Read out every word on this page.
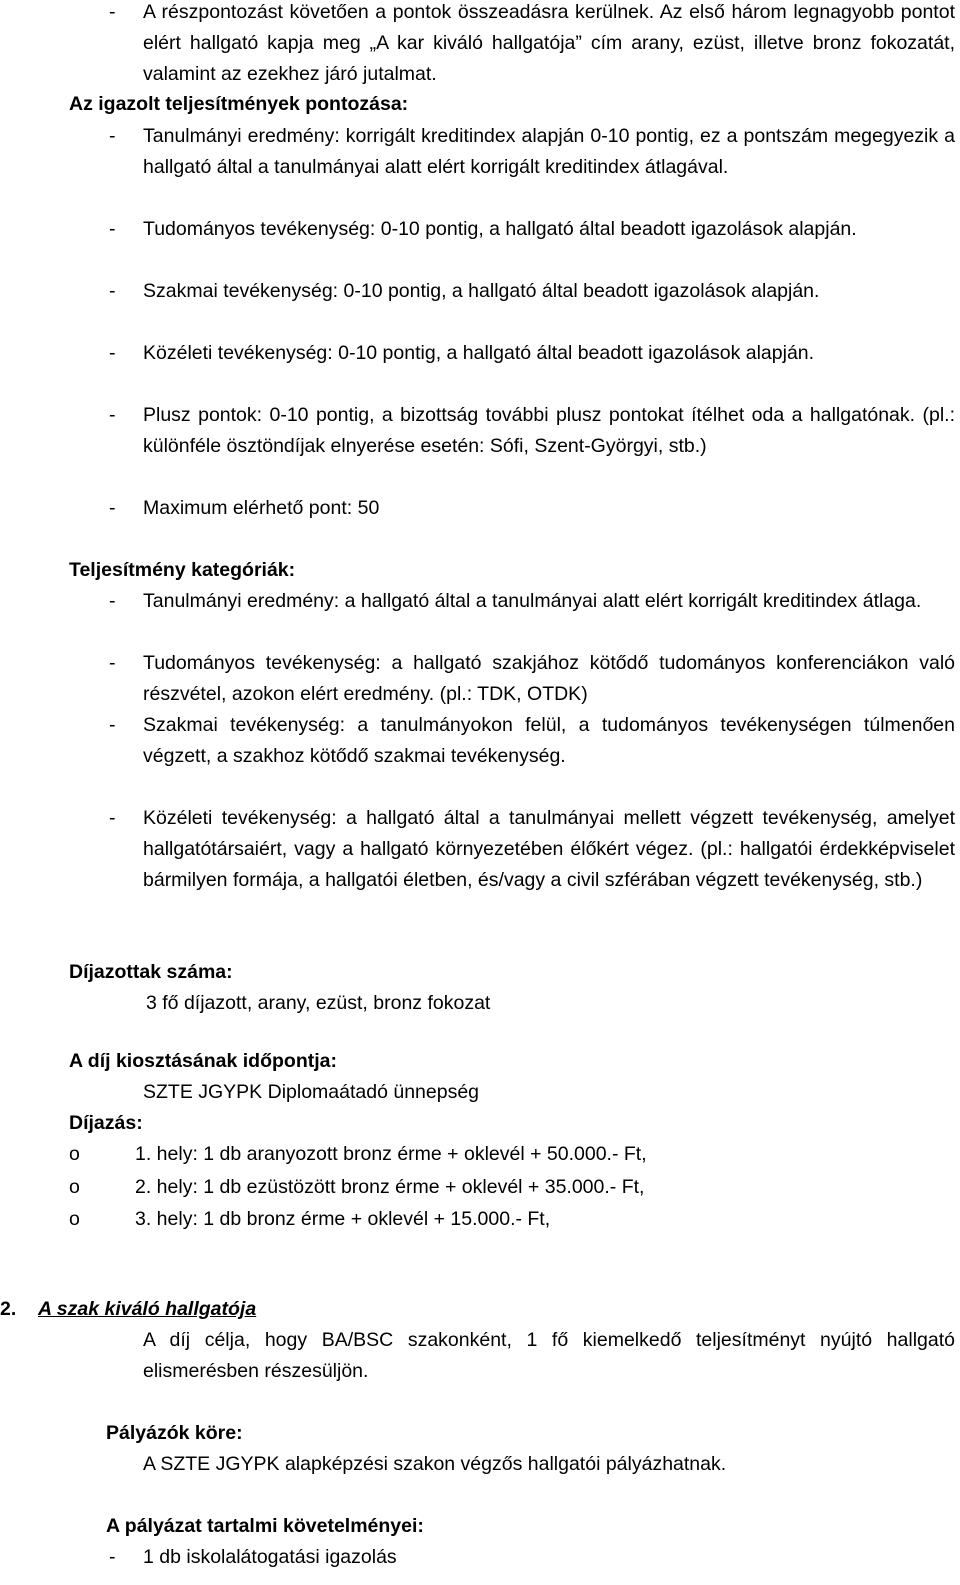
- A részpontozást követően a pontok összeadásra kerülnek. Az első három legnagyobb pontot elért hallgató kapja meg „A kar kiváló hallgatója” cím arany, ezüst, illetve bronz fokozatát, valamint az ezekhez járó jutalmat.
Az igazolt teljesítmények pontozása:
- Tanulmányi eredmény: korrigált kreditindex alapján 0-10 pontig, ez a pontszám megegyezik a hallgató által a tanulmányai alatt elért korrigált kreditindex átlagával.
- Tudományos tevékenység: 0-10 pontig, a hallgató által beadott igazolások alapján.
- Szakmai tevékenység: 0-10 pontig, a hallgató által beadott igazolások alapján.
- Közéleti tevékenység: 0-10 pontig, a hallgató által beadott igazolások alapján.
- Plusz pontok: 0-10 pontig, a bizottság további plusz pontokat ítélhet oda a hallgatónak. (pl.: különféle ösztöndíjak elnyerése esetén: Sófi, Szent-Györgyi, stb.)
- Maximum elérhető pont: 50
Teljesítmény kategóriák:
- Tanulmányi eredmény: a hallgató által a tanulmányai alatt elért korrigált kreditindex átlaga.
- Tudományos tevékenység: a hallgató szakjához kötődő tudományos konferenciákon való részvétel, azokon elért eredmény. (pl.: TDK, OTDK)
- Szakmai tevékenység: a tanulmányokon felül, a tudományos tevékenységen túlmenően végzett, a szakhoz kötődő szakmai tevékenység.
- Közéleti tevékenység: a hallgató által a tanulmányai mellett végzett tevékenység, amelyet hallgatótársaiért, vagy a hallgató környezetében élőkért végez. (pl.: hallgatói érdekképviselet bármilyen formája, a hallgatói életben, és/vagy a civil szférában végzett tevékenység, stb.)
Díjazottak száma:
3 fő díjazott, arany, ezüst, bronz fokozat
A díj kiosztásának időpontja:
SZTE JGYPK Diplomaátadó ünnepség
Díjazás:
o	1. hely: 1 db aranyozott bronz érme + oklevél + 50.000.- Ft,
o	2. hely: 1 db ezüstözött bronz érme + oklevél + 35.000.- Ft,
o	3. hely: 1 db bronz érme + oklevél + 15.000.- Ft,
2. A szak kiváló hallgatója
A díj célja, hogy BA/BSC szakonként, 1 fő kiemelkedő teljesítményt nyújtó hallgató elismerésben részesüljön.
Pályázók köre:
A SZTE JGYPK alapképzési szakon végzős hallgatói pályázhatnak.
A pályázat tartalmi követelményei:
- 1 db iskolalátogatási igazolás
